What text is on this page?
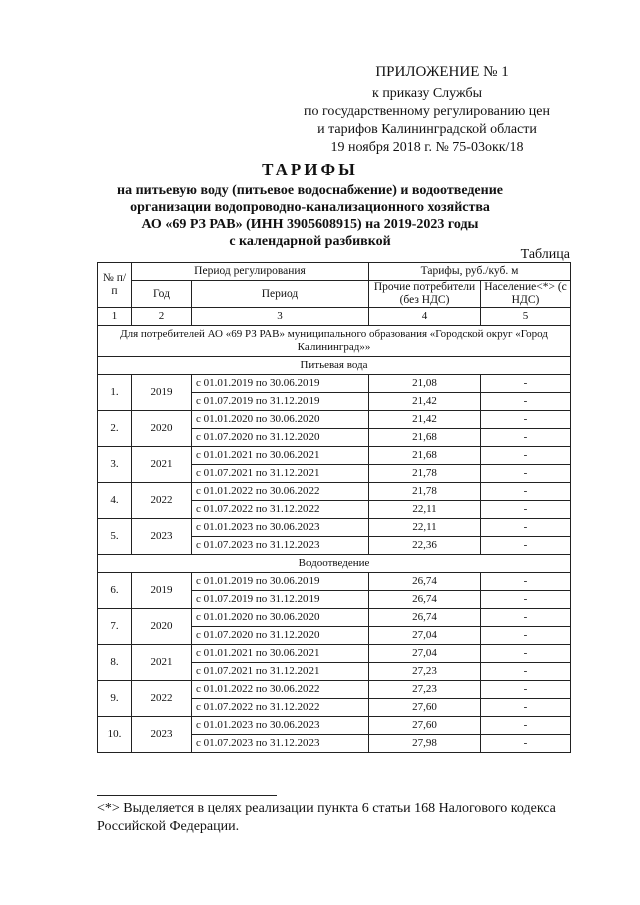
ПРИЛОЖЕНИЕ № 1
к приказу Службы
по государственному регулированию цен
и тарифов Калининградской области
19 ноября 2018 г. № 75-03окк/18
ТАРИФЫ
на питьевую воду (питьевое водоснабжение) и водоотведение
организации водопроводно-канализационного хозяйства
АО «69 РЗ РАВ» (ИНН 3905608915) на 2019-2023 годы
с календарной разбивкой
Таблица
№ п/п	Период регулирования		Тарифы, руб./куб. м	
	Год	Период	Прочие потребители (без НДС)	Население<*> (с НДС)
1	2	3	4	5
Для потребителей АО «69 РЗ РАВ» муниципального образования «Городской округ «Город Калининград»»				
Питьевая вода				
1.	2019	с 01.01.2019 по 30.06.2019	21,08	-
		с 01.07.2019 по 31.12.2019	21,42	-
2.	2020	с 01.01.2020 по 30.06.2020	21,42	-
		с 01.07.2020 по 31.12.2020	21,68	-
3.	2021	с 01.01.2021 по 30.06.2021	21,68	-
		с 01.07.2021 по 31.12.2021	21,78	-
4.	2022	с 01.01.2022 по 30.06.2022	21,78	-
		с 01.07.2022 по 31.12.2022	22,11	-
5.	2023	с 01.01.2023 по 30.06.2023	22,11	-
		с 01.07.2023 по 31.12.2023	22,36	-
Водоотведение				
6.	2019	с 01.01.2019 по 30.06.2019	26,74	-
		с 01.07.2019 по 31.12.2019	26,74	-
7.	2020	с 01.01.2020 по 30.06.2020	26,74	-
		с 01.07.2020 по 31.12.2020	27,04	-
8.	2021	с 01.01.2021 по 30.06.2021	27,04	-
		с 01.07.2021 по 31.12.2021	27,23	-
9.	2022	с 01.01.2022 по 30.06.2022	27,23	-
		с 01.07.2022 по 31.12.2022	27,60	-
10.	2023	с 01.01.2023 по 30.06.2023	27,60	-
		с 01.07.2023 по 31.12.2023	27,98	-
<*> Выделяется в целях реализации пункта 6 статьи 168 Налогового кодекса Российской Федерации.
